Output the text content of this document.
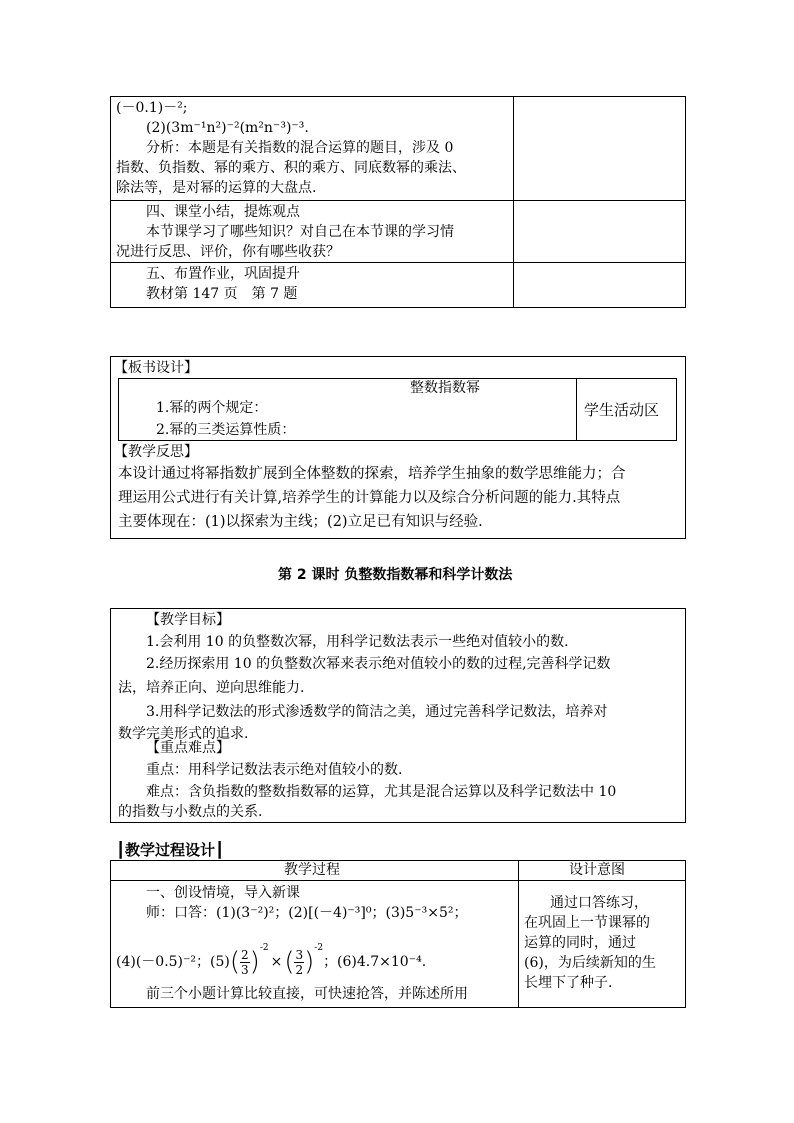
(－0.1)－²;
(2)(3m⁻¹n²)⁻²(m²n⁻³)⁻³.
分析：本题是有关指数的混合运算的题目，涉及 0
指数、负指数、幂的乘方、积的乘方、同底数幂的乘法、
除法等，是对幂的运算的大盘点.
四、课堂小结，提炼观点
本节课学习了哪些知识？对自己在本节课的学习情
况进行反思、评价，你有哪些收获？
五、布置作业，巩固提升
教材第 147 页　第 7 题
【板书设计】
整数指数幂
1.幂的两个规定：
2.幂的三类运算性质：
学生活动区
【教学反思】
本设计通过将幂指数扩展到全体整数的探索，培养学生抽象的数学思维能力；合
理运用公式进行有关计算,培养学生的计算能力以及综合分析问题的能力.其特点
主要体现在：(1)以探索为主线；(2)立足已有知识与经验.
第 2 课时 负整数指数幂和科学计数法
【教学目标】
1.会利用 10 的负整数次幂，用科学记数法表示一些绝对值较小的数.
2.经历探索用 10 的负整数次幂来表示绝对值较小的数的过程,完善科学记数
法，培养正向、逆向思维能力.
3.用科学记数法的形式渗透数学的简洁之美，通过完善科学记数法，培养对
数学完美形式的追求.
【重点难点】
重点：用科学记数法表示绝对值较小的数.
难点：含负指数的整数指数幂的运算，尤其是混合运算以及科学记数法中 10
的指数与小数点的关系.
┃教学过程设计┃
教学过程	设计意图
一、创设情境，导入新课
师：口答：(1)(3⁻²)²；(2)[(－4)⁻³]⁰；(3)5⁻³×5²；
(4)(－0.5)⁻²；$(5)( \frac{2}{3} )^{-2}\times( \frac{3}{2} )^{-2}$；(6)4.7×10⁻⁴.
前三个小题计算比较直接，可快速抢答，并陈述所用
通过口答练习，
在巩固上一节课幂的
运算的同时，通过
(6)，为后续新知的生
长埋下了种子.
